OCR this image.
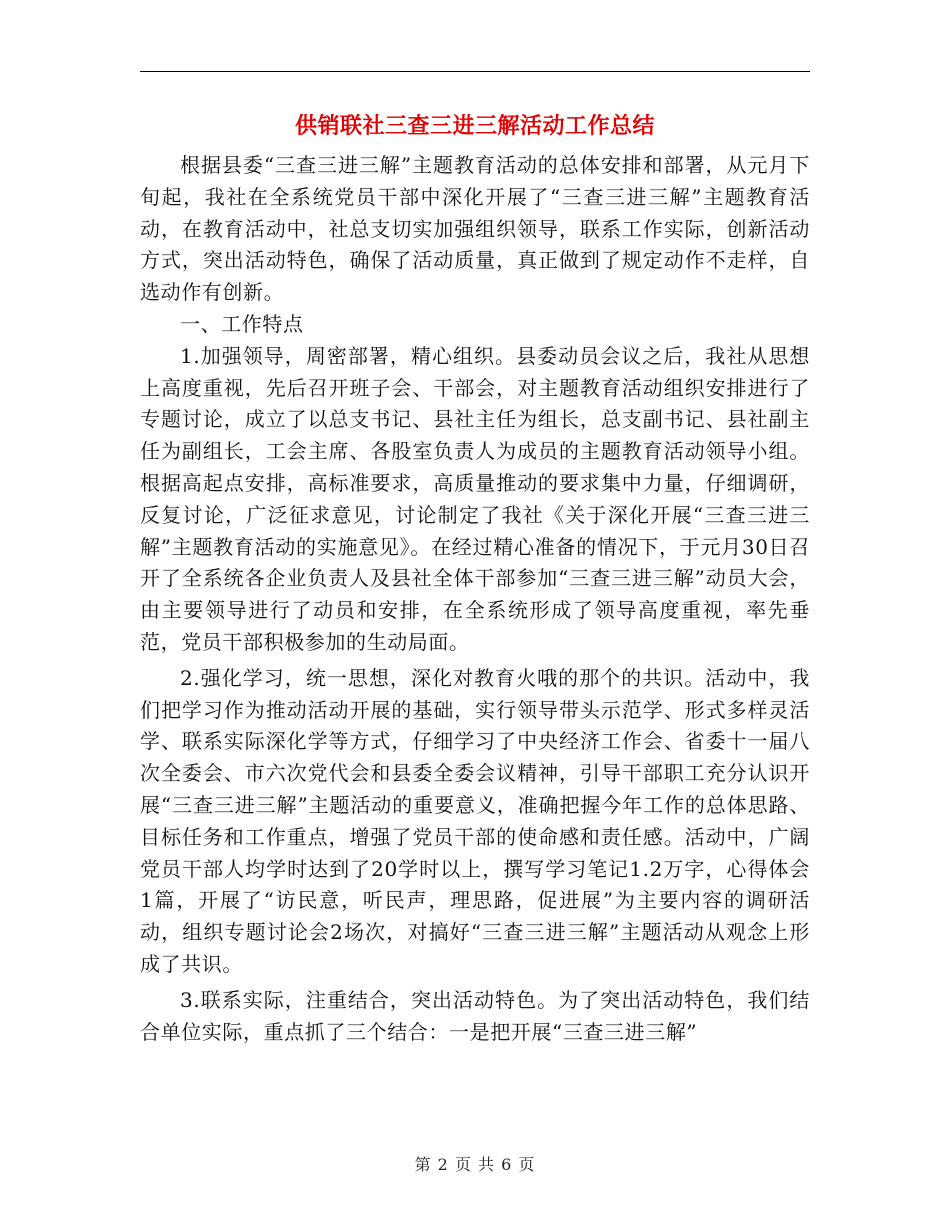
供销联社三查三进三解活动工作总结

根据县委“三查三进三解”主题教育活动的总体安排和部署，从元月下旬起，我社在全系统党员干部中深化开展了“三查三进三解”主题教育活动，在教育活动中，社总支切实加强组织领导，联系工作实际，创新活动方式，突出活动特色，确保了活动质量，真正做到了规定动作不走样，自选动作有创新。

一、工作特点

1.加强领导，周密部署，精心组织。县委动员会议之后，我社从思想上高度重视，先后召开班子会、干部会，对主题教育活动组织安排进行了专题讨论，成立了以总支书记、县社主任为组长，总支副书记、县社副主任为副组长，工会主席、各股室负责人为成员的主题教育活动领导小组。根据高起点安排，高标准要求，高质量推动的要求集中力量，仔细调研，反复讨论，广泛征求意见，讨论制定了我社《关于深化开展“三查三进三解”主题教育活动的实施意见》。在经过精心准备的情况下，于元月30日召开了全系统各企业负责人及县社全体干部参加“三查三进三解”动员大会，由主要领导进行了动员和安排，在全系统形成了领导高度重视，率先垂范，党员干部积极参加的生动局面。

2.强化学习，统一思想，深化对教育火哦的那个的共识。活动中，我们把学习作为推动活动开展的基础，实行领导带头示范学、形式多样灵活学、联系实际深化学等方式，仔细学习了中央经济工作会、省委十一届八次全委会、市六次党代会和县委全委会议精神，引导干部职工充分认识开展“三查三进三解”主题活动的重要意义，准确把握今年工作的总体思路、目标任务和工作重点，增强了党员干部的使命感和责任感。活动中，广阔党员干部人均学时达到了20学时以上，撰写学习笔记1.2万字，心得体会1篇，开展了“访民意，听民声，理思路，促进展”为主要内容的调研活动，组织专题讨论会2场次，对搞好“三查三进三解”主题活动从观念上形成了共识。

3.联系实际，注重结合，突出活动特色。为了突出活动特色，我们结合单位实际，重点抓了三个结合：一是把开展“三查三进三解”

第 2 页 共 6 页
